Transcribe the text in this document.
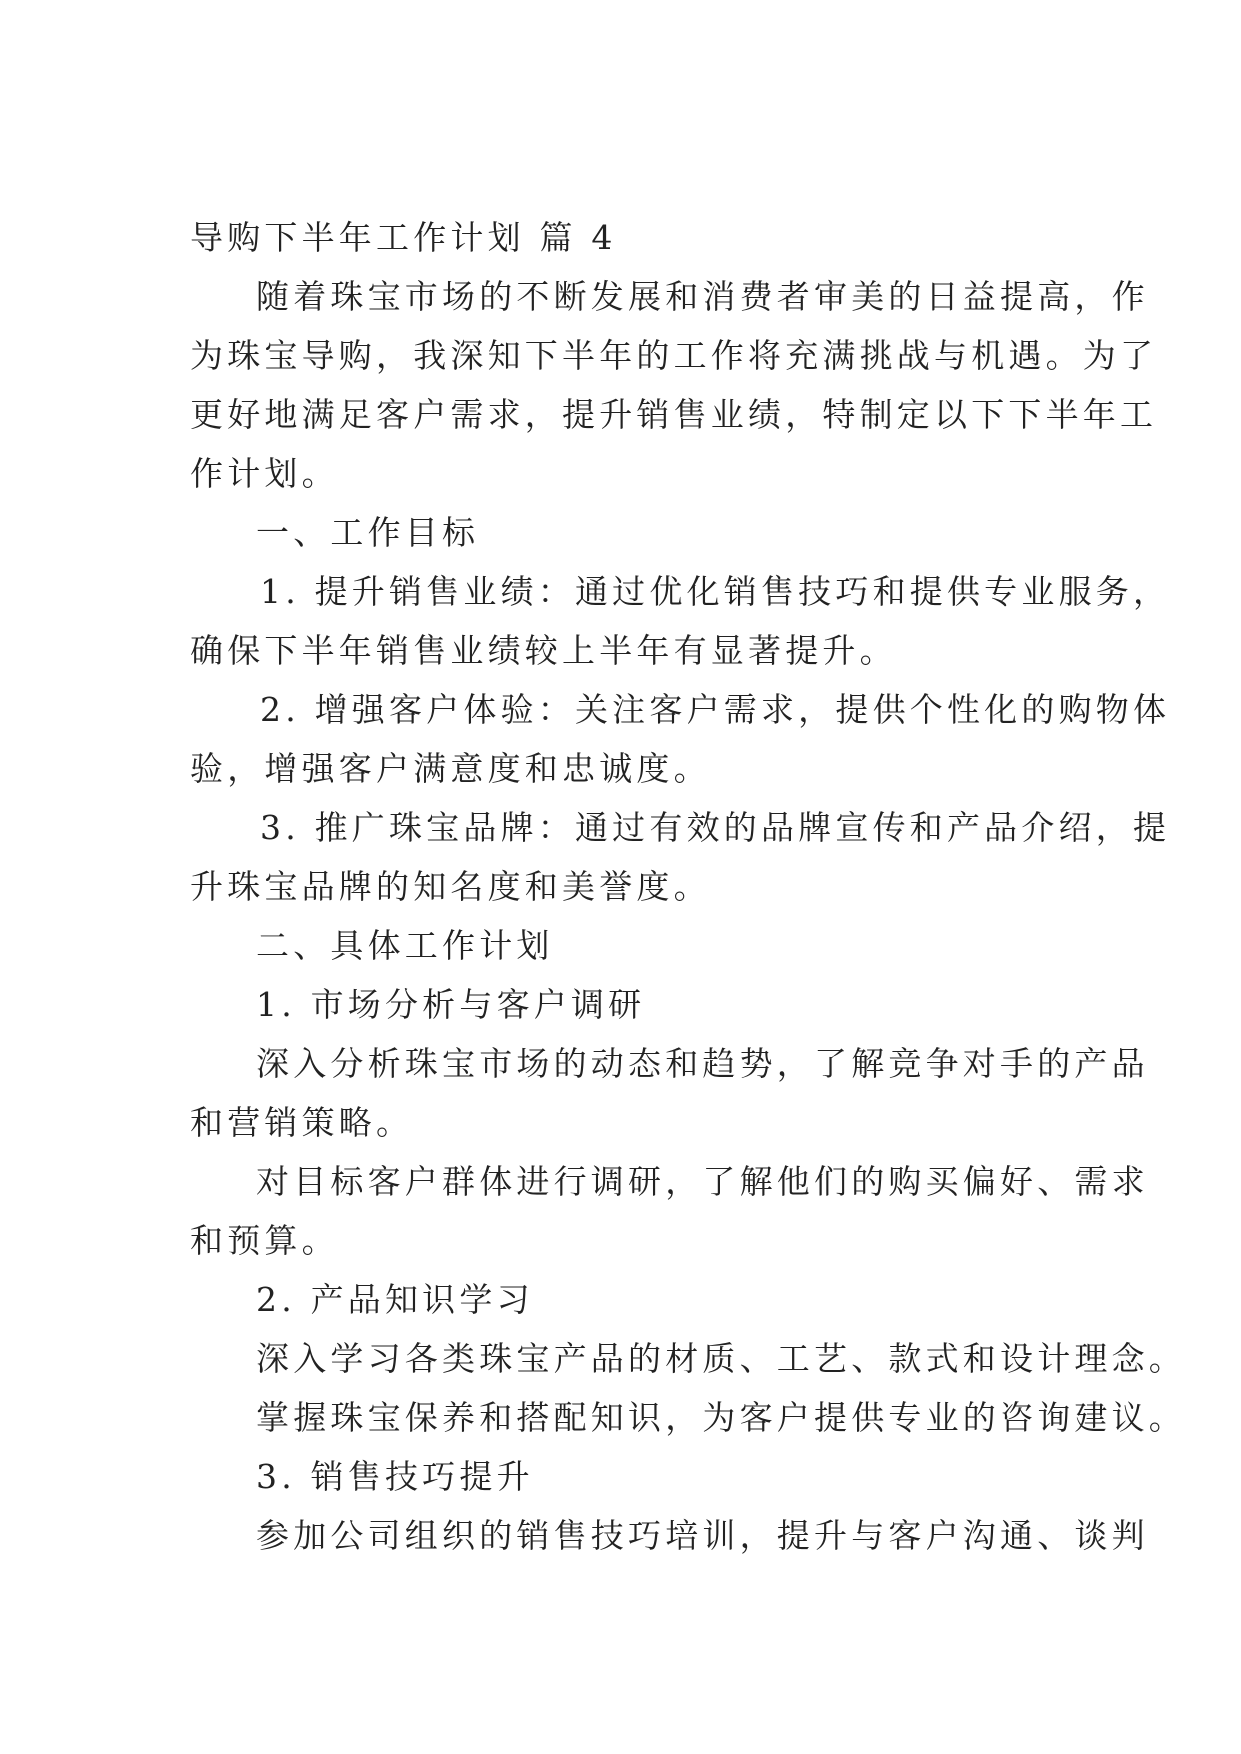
导购下半年工作计划 篇 4
随着珠宝市场的不断发展和消费者审美的日益提高，作
为珠宝导购，我深知下半年的工作将充满挑战与机遇。为了
更好地满足客户需求，提升销售业绩，特制定以下下半年工
作计划。
一、工作目标
1. 提升销售业绩：通过优化销售技巧和提供专业服务，
确保下半年销售业绩较上半年有显著提升。
2. 增强客户体验：关注客户需求，提供个性化的购物体
验，增强客户满意度和忠诚度。
3. 推广珠宝品牌：通过有效的品牌宣传和产品介绍，提
升珠宝品牌的知名度和美誉度。
二、具体工作计划
1. 市场分析与客户调研
深入分析珠宝市场的动态和趋势，了解竞争对手的产品
和营销策略。
对目标客户群体进行调研，了解他们的购买偏好、需求
和预算。
2. 产品知识学习
深入学习各类珠宝产品的材质、工艺、款式和设计理念。
掌握珠宝保养和搭配知识，为客户提供专业的咨询建议。
3. 销售技巧提升
参加公司组织的销售技巧培训，提升与客户沟通、谈判
